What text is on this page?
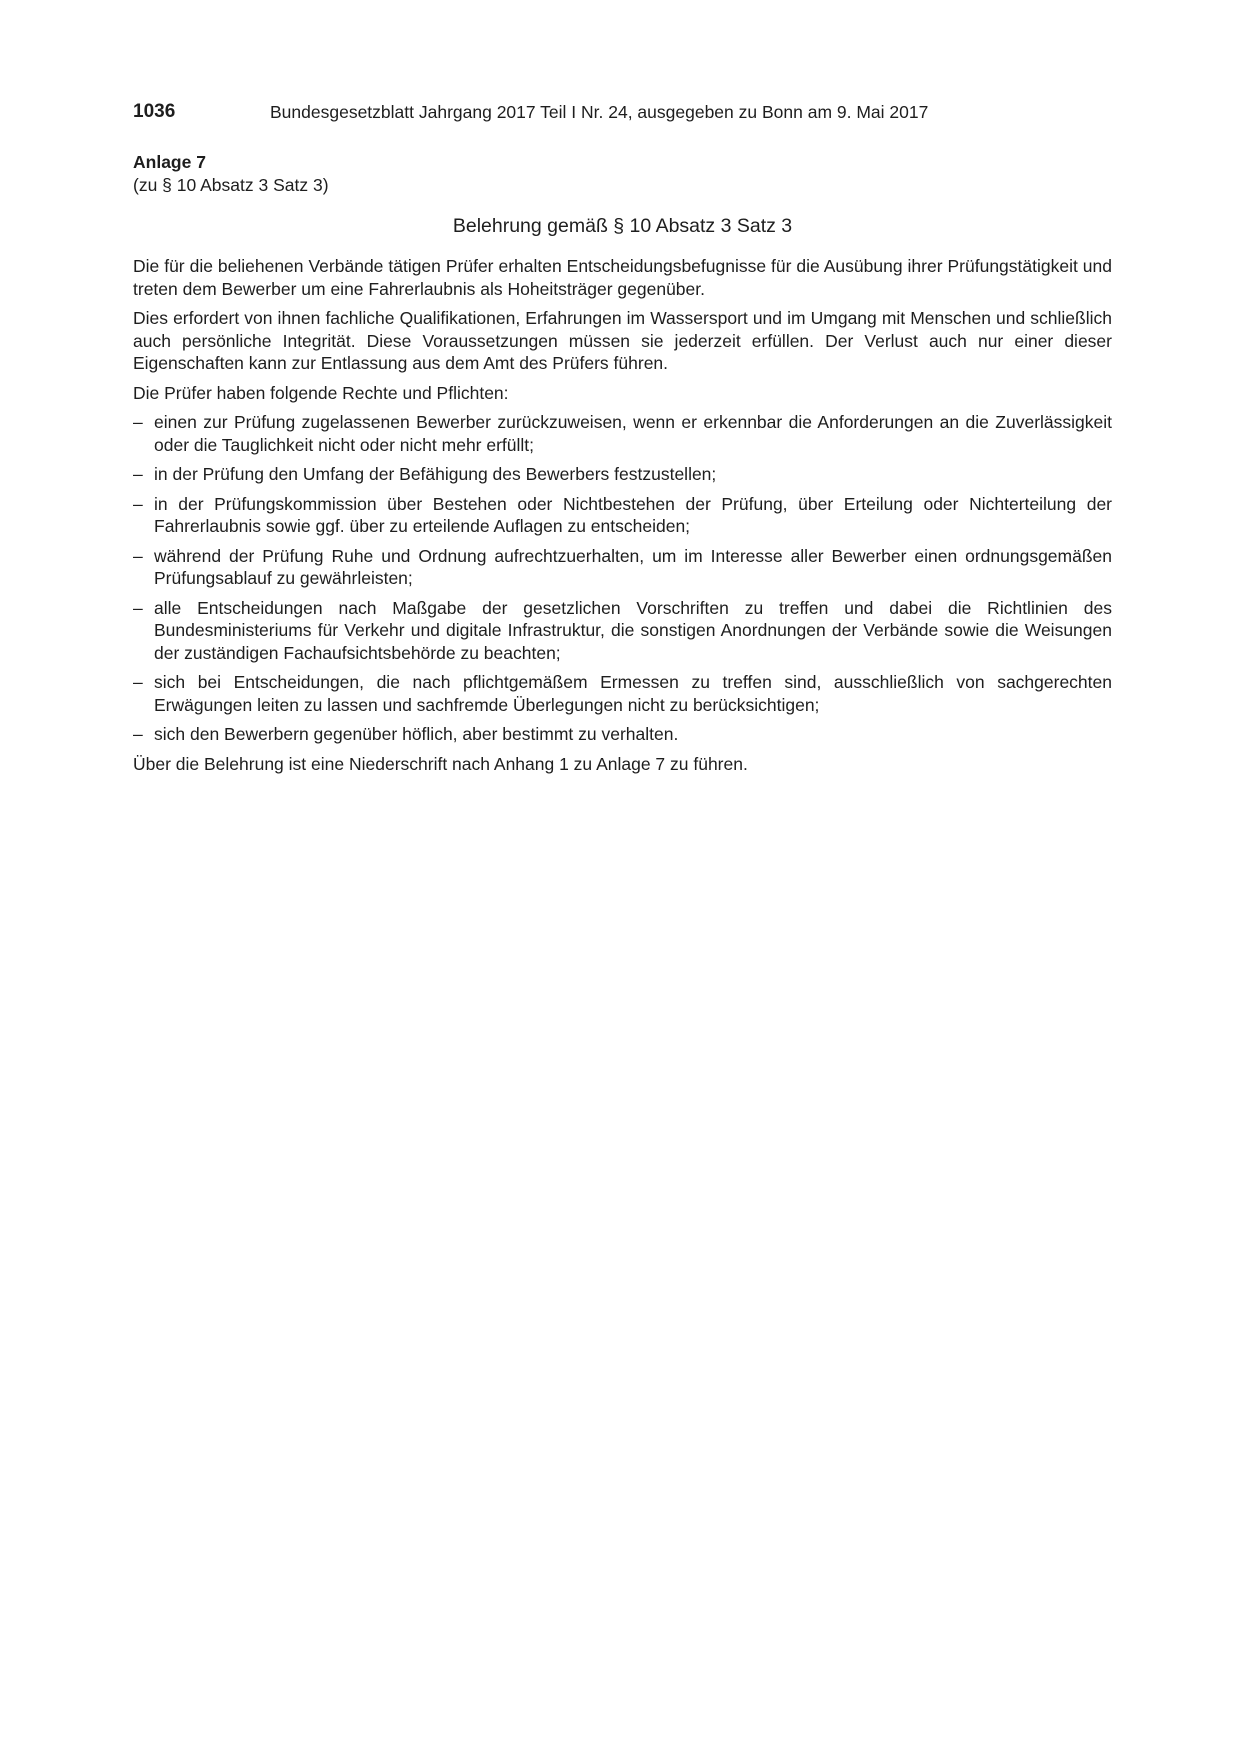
1036	Bundesgesetzblatt Jahrgang 2017 Teil I Nr. 24, ausgegeben zu Bonn am 9. Mai 2017

Anlage 7

(zu § 10 Absatz 3 Satz 3)

Belehrung gemäß § 10 Absatz 3 Satz 3

Die für die beliehenen Verbände tätigen Prüfer erhalten Entscheidungsbefugnisse für die Ausübung ihrer Prüfungstätigkeit und treten dem Bewerber um eine Fahrerlaubnis als Hoheitsträger gegenüber.

Dies erfordert von ihnen fachliche Qualifikationen, Erfahrungen im Wassersport und im Umgang mit Menschen und schließlich auch persönliche Integrität. Diese Voraussetzungen müssen sie jederzeit erfüllen. Der Verlust auch nur einer dieser Eigenschaften kann zur Entlassung aus dem Amt des Prüfers führen.

Die Prüfer haben folgende Rechte und Pflichten:

– einen zur Prüfung zugelassenen Bewerber zurückzuweisen, wenn er erkennbar die Anforderungen an die Zuverlässigkeit oder die Tauglichkeit nicht oder nicht mehr erfüllt;
– in der Prüfung den Umfang der Befähigung des Bewerbers festzustellen;
– in der Prüfungskommission über Bestehen oder Nichtbestehen der Prüfung, über Erteilung oder Nichterteilung der Fahrerlaubnis sowie ggf. über zu erteilende Auflagen zu entscheiden;
– während der Prüfung Ruhe und Ordnung aufrechtzuerhalten, um im Interesse aller Bewerber einen ordnungsgemäßen Prüfungsablauf zu gewährleisten;
– alle Entscheidungen nach Maßgabe der gesetzlichen Vorschriften zu treffen und dabei die Richtlinien des Bundesministeriums für Verkehr und digitale Infrastruktur, die sonstigen Anordnungen der Verbände sowie die Weisungen der zuständigen Fachaufsichtsbehörde zu beachten;
– sich bei Entscheidungen, die nach pflichtgemäßem Ermessen zu treffen sind, ausschließlich von sachgerechten Erwägungen leiten zu lassen und sachfremde Überlegungen nicht zu berücksichtigen;
– sich den Bewerbern gegenüber höflich, aber bestimmt zu verhalten.

Über die Belehrung ist eine Niederschrift nach Anhang 1 zu Anlage 7 zu führen.
